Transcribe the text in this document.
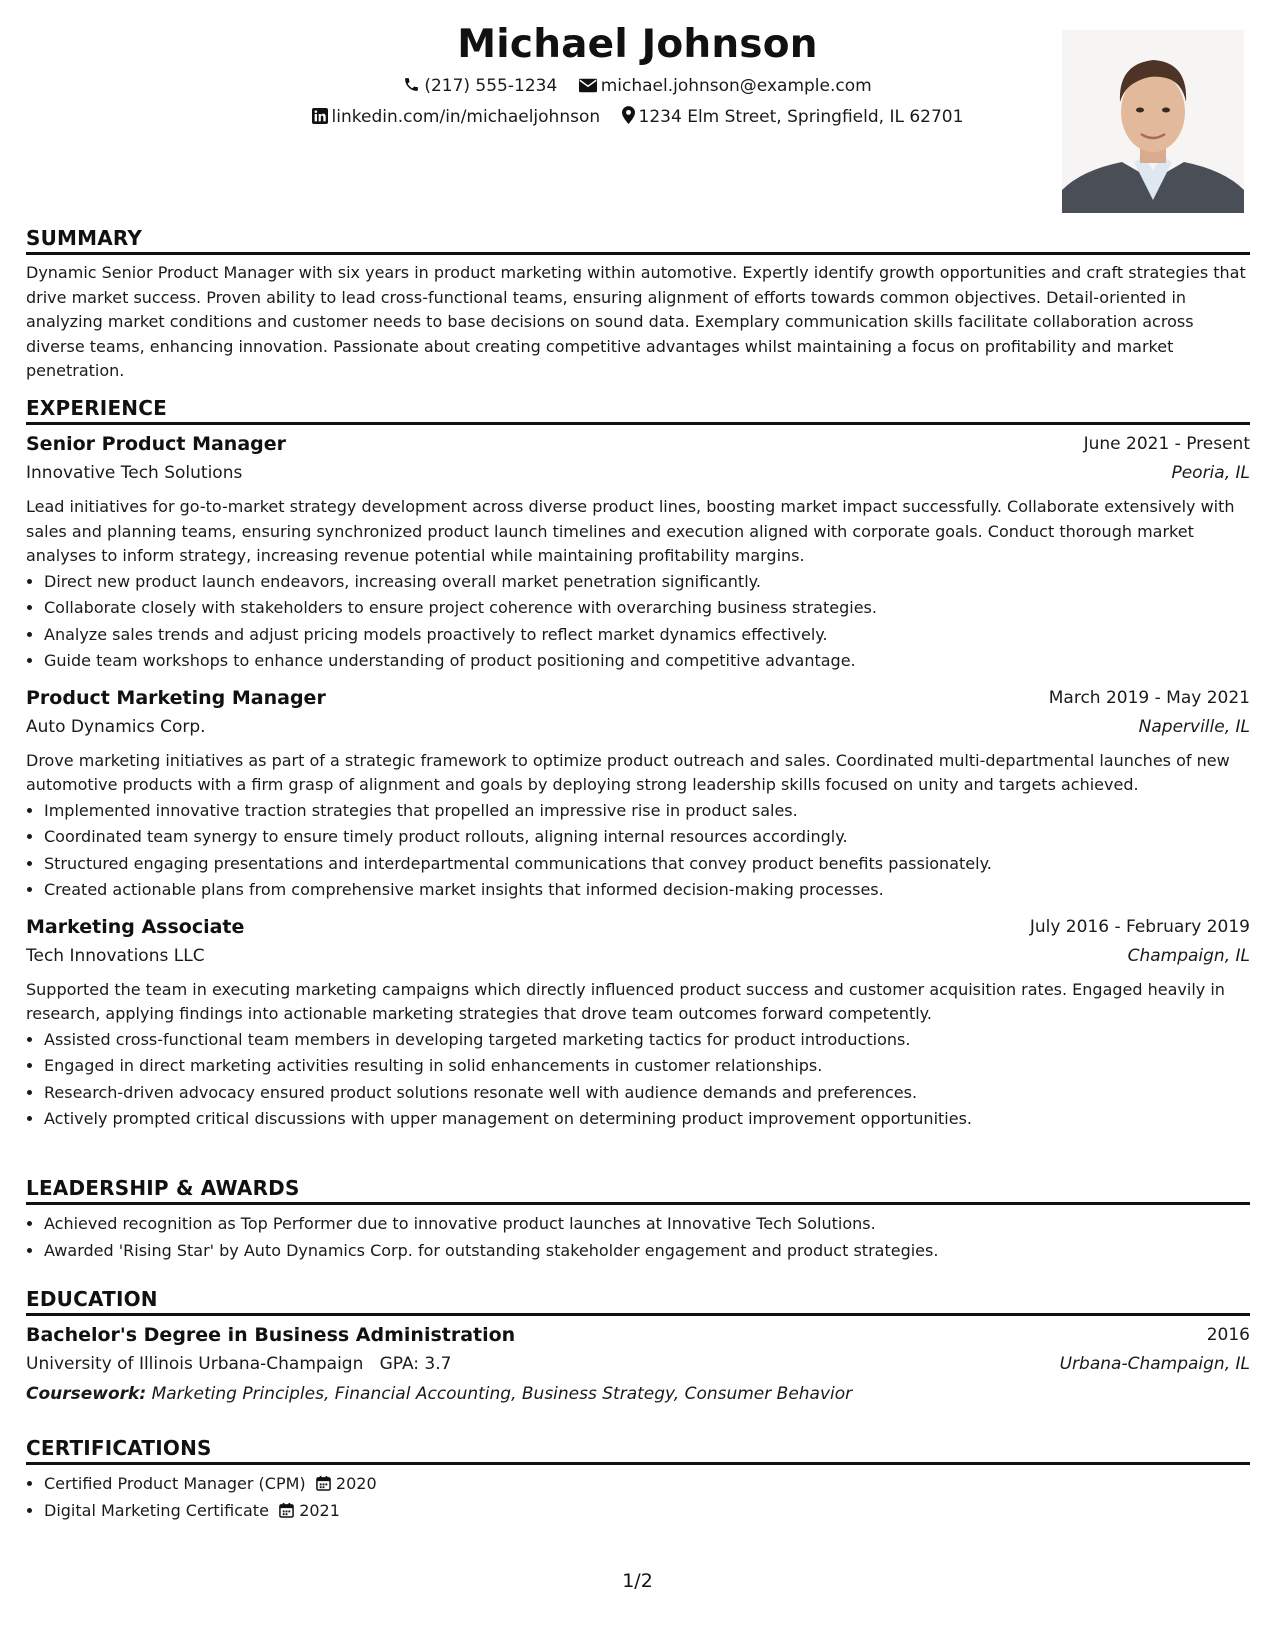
Michael Johnson
(217) 555-1234	michael.johnson@example.com
linkedin.com/in/michaeljohnson 1234 Elm Street, Springfield, IL 62701
SUMMARY
Dynamic Senior Product Manager with six years in product marketing within automotive. Expertly identify growth opportunities and craft strategies that drive market success. Proven ability to lead cross-functional teams, ensuring alignment of efforts towards common objectives. Detail-oriented in analyzing market conditions and customer needs to base decisions on sound data. Exemplary communication skills facilitate collaboration across diverse teams, enhancing innovation. Passionate about creating competitive advantages whilst maintaining a focus on profitability and market penetration.
EXPERIENCE
Senior Product Manager	June 2021 - Present
Innovative Tech Solutions	Peoria, IL
Lead initiatives for go-to-market strategy development across diverse product lines, boosting market impact successfully. Collaborate extensively with sales and planning teams, ensuring synchronized product launch timelines and execution aligned with corporate goals. Conduct thorough market analyses to inform strategy, increasing revenue potential while maintaining profitability margins.
• Direct new product launch endeavors, increasing overall market penetration significantly.
• Collaborate closely with stakeholders to ensure project coherence with overarching business strategies.
• Analyze sales trends and adjust pricing models proactively to reflect market dynamics effectively.
• Guide team workshops to enhance understanding of product positioning and competitive advantage.
Product Marketing Manager	March 2019 - May 2021
Auto Dynamics Corp.	Naperville, IL
Drove marketing initiatives as part of a strategic framework to optimize product outreach and sales. Coordinated multi-departmental launches of new automotive products with a firm grasp of alignment and goals by deploying strong leadership skills focused on unity and targets achieved.
• Implemented innovative traction strategies that propelled an impressive rise in product sales.
• Coordinated team synergy to ensure timely product rollouts, aligning internal resources accordingly.
• Structured engaging presentations and interdepartmental communications that convey product benefits passionately.
• Created actionable plans from comprehensive market insights that informed decision-making processes.
Marketing Associate	July 2016 - February 2019
Tech Innovations LLC	Champaign, IL
Supported the team in executing marketing campaigns which directly influenced product success and customer acquisition rates. Engaged heavily in research, applying findings into actionable marketing strategies that drove team outcomes forward competently.
• Assisted cross-functional team members in developing targeted marketing tactics for product introductions.
• Engaged in direct marketing activities resulting in solid enhancements in customer relationships.
• Research-driven advocacy ensured product solutions resonate well with audience demands and preferences.
• Actively prompted critical discussions with upper management on determining product improvement opportunities.
LEADERSHIP & AWARDS
• Achieved recognition as Top Performer due to innovative product launches at Innovative Tech Solutions.
• Awarded 'Rising Star' by Auto Dynamics Corp. for outstanding stakeholder engagement and product strategies.
EDUCATION
Bachelor's Degree in Business Administration	2016
University of Illinois Urbana-Champaign GPA: 3.7	Urbana-Champaign, IL
Coursework: Marketing Principles, Financial Accounting, Business Strategy, Consumer Behavior
CERTIFICATIONS
• Certified Product Manager (CPM) 2020
• Digital Marketing Certificate 2021
1/2
